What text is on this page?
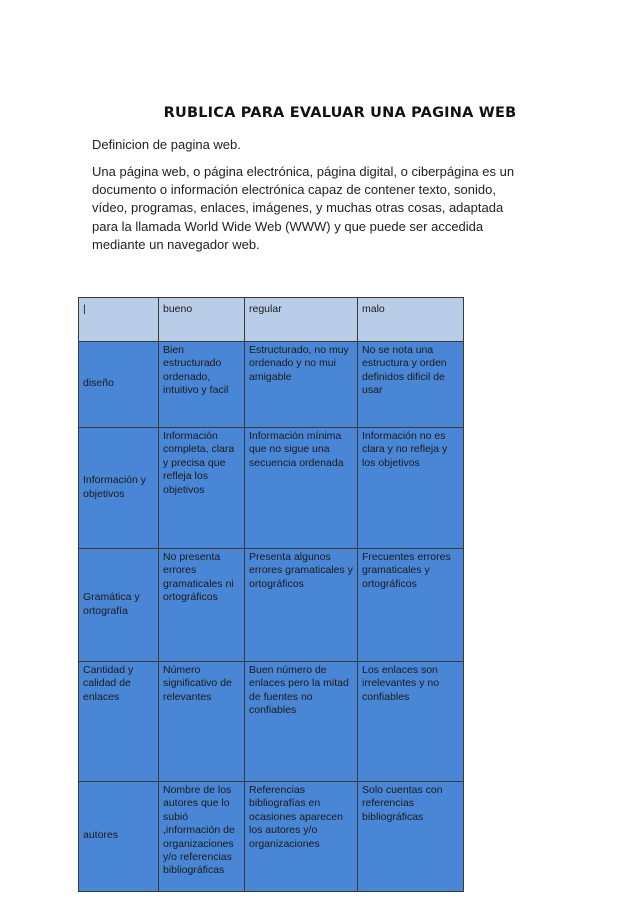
RUBLICA PARA EVALUAR UNA PAGINA WEB
Definicion de pagina web.
Una página web, o página electrónica, página digital, o ciberpágina es un documento o información electrónica capaz de contener texto, sonido, vídeo, programas, enlaces, imágenes, y muchas otras cosas, adaptada para la llamada World Wide Web (WWW) y que puede ser accedida mediante un navegador web.
|	bueno	regular	malo
diseño	Bien estructurado ordenado, intuitivo y facil	Estructurado, no muy ordenado y no mui amigable	No se nota una estructura y orden definidos dificil de usar
Información y objetivos	Información completa, clara y precisa que refleja los objetivos	Información mínima que no sigue una secuencia ordenada	Información no es clara y no refleja y los objetivos
Gramática y ortografía	No presenta errores gramaticales ni ortográficos	Presenta algunos errores gramaticales y ortográficos	Frecuentes errores gramaticales y ortográficos
Cantidad y calidad de enlaces	Número significativo de relevantes	Buen número de enlaces pero la mitad de fuentes no confiables	Los enlaces son irrelevantes y no confiables
autores	Nombre de los autores que lo subió ,información de organizaciones y/o referencias bibliográficas	Referencias bibliografías en ocasiones aparecen los autores y/o organizaciones	Solo cuentas con referencias bibliográficas
